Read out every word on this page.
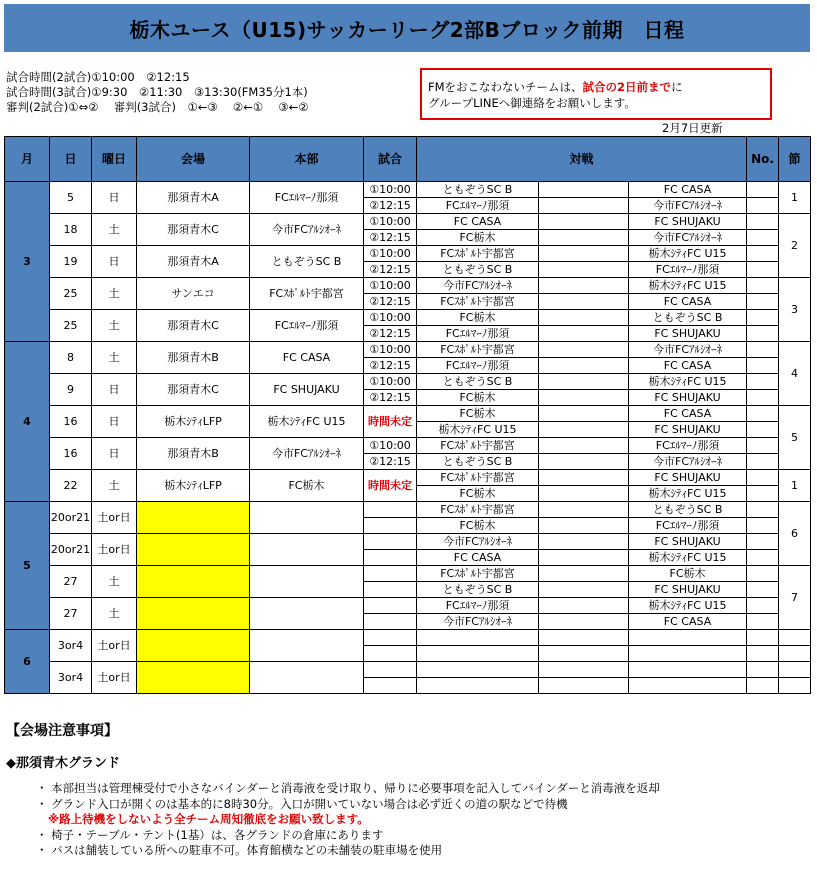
栃木ユース（U15)サッカーリーグ2部Bブロック前期　日程
試合時間(2試合)①10:00　②12:15
試合時間(3試合)①9:30　②11:30　③13:30(FM35分1本)
審判(2試合)①⇔②　 審判(3試合)　①←③　 ②←①　 ③←②
FMをおこなわないチームは、試合の2日前までに
グループLINEへ御連絡をお願いします。
2月7日更新
月	日	曜日	会場	本部	試合	対戦			No.	節
3	5	日	那須青木A	FCｴﾙﾏｰﾉ那須	①10:00	ともぞうSC B		FC CASA		1
					②12:15	FCｴﾙﾏｰﾉ那須		今市FCｱﾙｼｵｰﾈ		
	18	土	那須青木C	今市FCｱﾙｼｵｰﾈ	①10:00	FC CASA		FC SHUJAKU		2
					②12:15	FC栃木		今市FCｱﾙｼｵｰﾈ		
	19	日	那須青木A	ともぞうSC B	①10:00	FCｽﾎﾟﾙﾄ宇都宮		栃木ｼﾃｨFC U15		
					②12:15	ともぞうSC B		FCｴﾙﾏｰﾉ那須		
	25	土	サンエコ	FCｽﾎﾟﾙﾄ宇都宮	①10:00	今市FCｱﾙｼｵｰﾈ		栃木ｼﾃｨFC U15		3
					②12:15	FCｽﾎﾟﾙﾄ宇都宮		FC CASA		
	25	土	那須青木C	FCｴﾙﾏｰﾉ那須	①10:00	FC栃木		ともぞうSC B		
					②12:15	FCｴﾙﾏｰﾉ那須		FC SHUJAKU		
4	8	土	那須青木B	FC CASA	①10:00	FCｽﾎﾟﾙﾄ宇都宮		今市FCｱﾙｼｵｰﾈ		4
					②12:15	FCｴﾙﾏｰﾉ那須		FC CASA		
	9	日	那須青木C	FC SHUJAKU	①10:00	ともぞうSC B		栃木ｼﾃｨFC U15		
					②12:15	FC栃木		FC SHUJAKU		
	16	日	栃木ｼﾃｨLFP	栃木ｼﾃｨFC U15	時間未定	FC栃木		FC CASA		5
						栃木ｼﾃｨFC U15		FC SHUJAKU		
	16	日	那須青木B	今市FCｱﾙｼｵｰﾈ	①10:00	FCｽﾎﾟﾙﾄ宇都宮		FCｴﾙﾏｰﾉ那須		
					②12:15	ともぞうSC B		今市FCｱﾙｼｵｰﾈ		
	22	土	栃木ｼﾃｨLFP	FC栃木	時間未定	FCｽﾎﾟﾙﾄ宇都宮		FC SHUJAKU		1
						FC栃木		栃木ｼﾃｨFC U15		
5	20or21	土or日				FCｽﾎﾟﾙﾄ宇都宮		ともぞうSC B		6
						FC栃木		FCｴﾙﾏｰﾉ那須		
	20or21	土or日				今市FCｱﾙｼｵｰﾈ		FC SHUJAKU		
						FC CASA		栃木ｼﾃｨFC U15		
	27	土				FCｽﾎﾟﾙﾄ宇都宮		FC栃木		7
						ともぞうSC B		FC SHUJAKU		
	27	土				FCｴﾙﾏｰﾉ那須		栃木ｼﾃｨFC U15		
						今市FCｱﾙｼｵｰﾈ		FC CASA		
6	3or4	土or日								

	3or4	土or日								

【会場注意事項】
◆那須青木グランド
・ 本部担当は管理棟受付で小さなバインダーと消毒液を受け取り、帰りに必要事項を記入してバインダーと消毒液を返却
・ グランド入口が開くのは基本的に8時30分。入口が開いていない場合は必ず近くの道の駅などで待機
※路上待機をしないよう全チーム周知徹底をお願い致します。
・ 椅子・テーブル・テント(1基）は、各グランドの倉庫にあります
・ バスは舗装している所への駐車不可。体育館横などの未舗装の駐車場を使用
